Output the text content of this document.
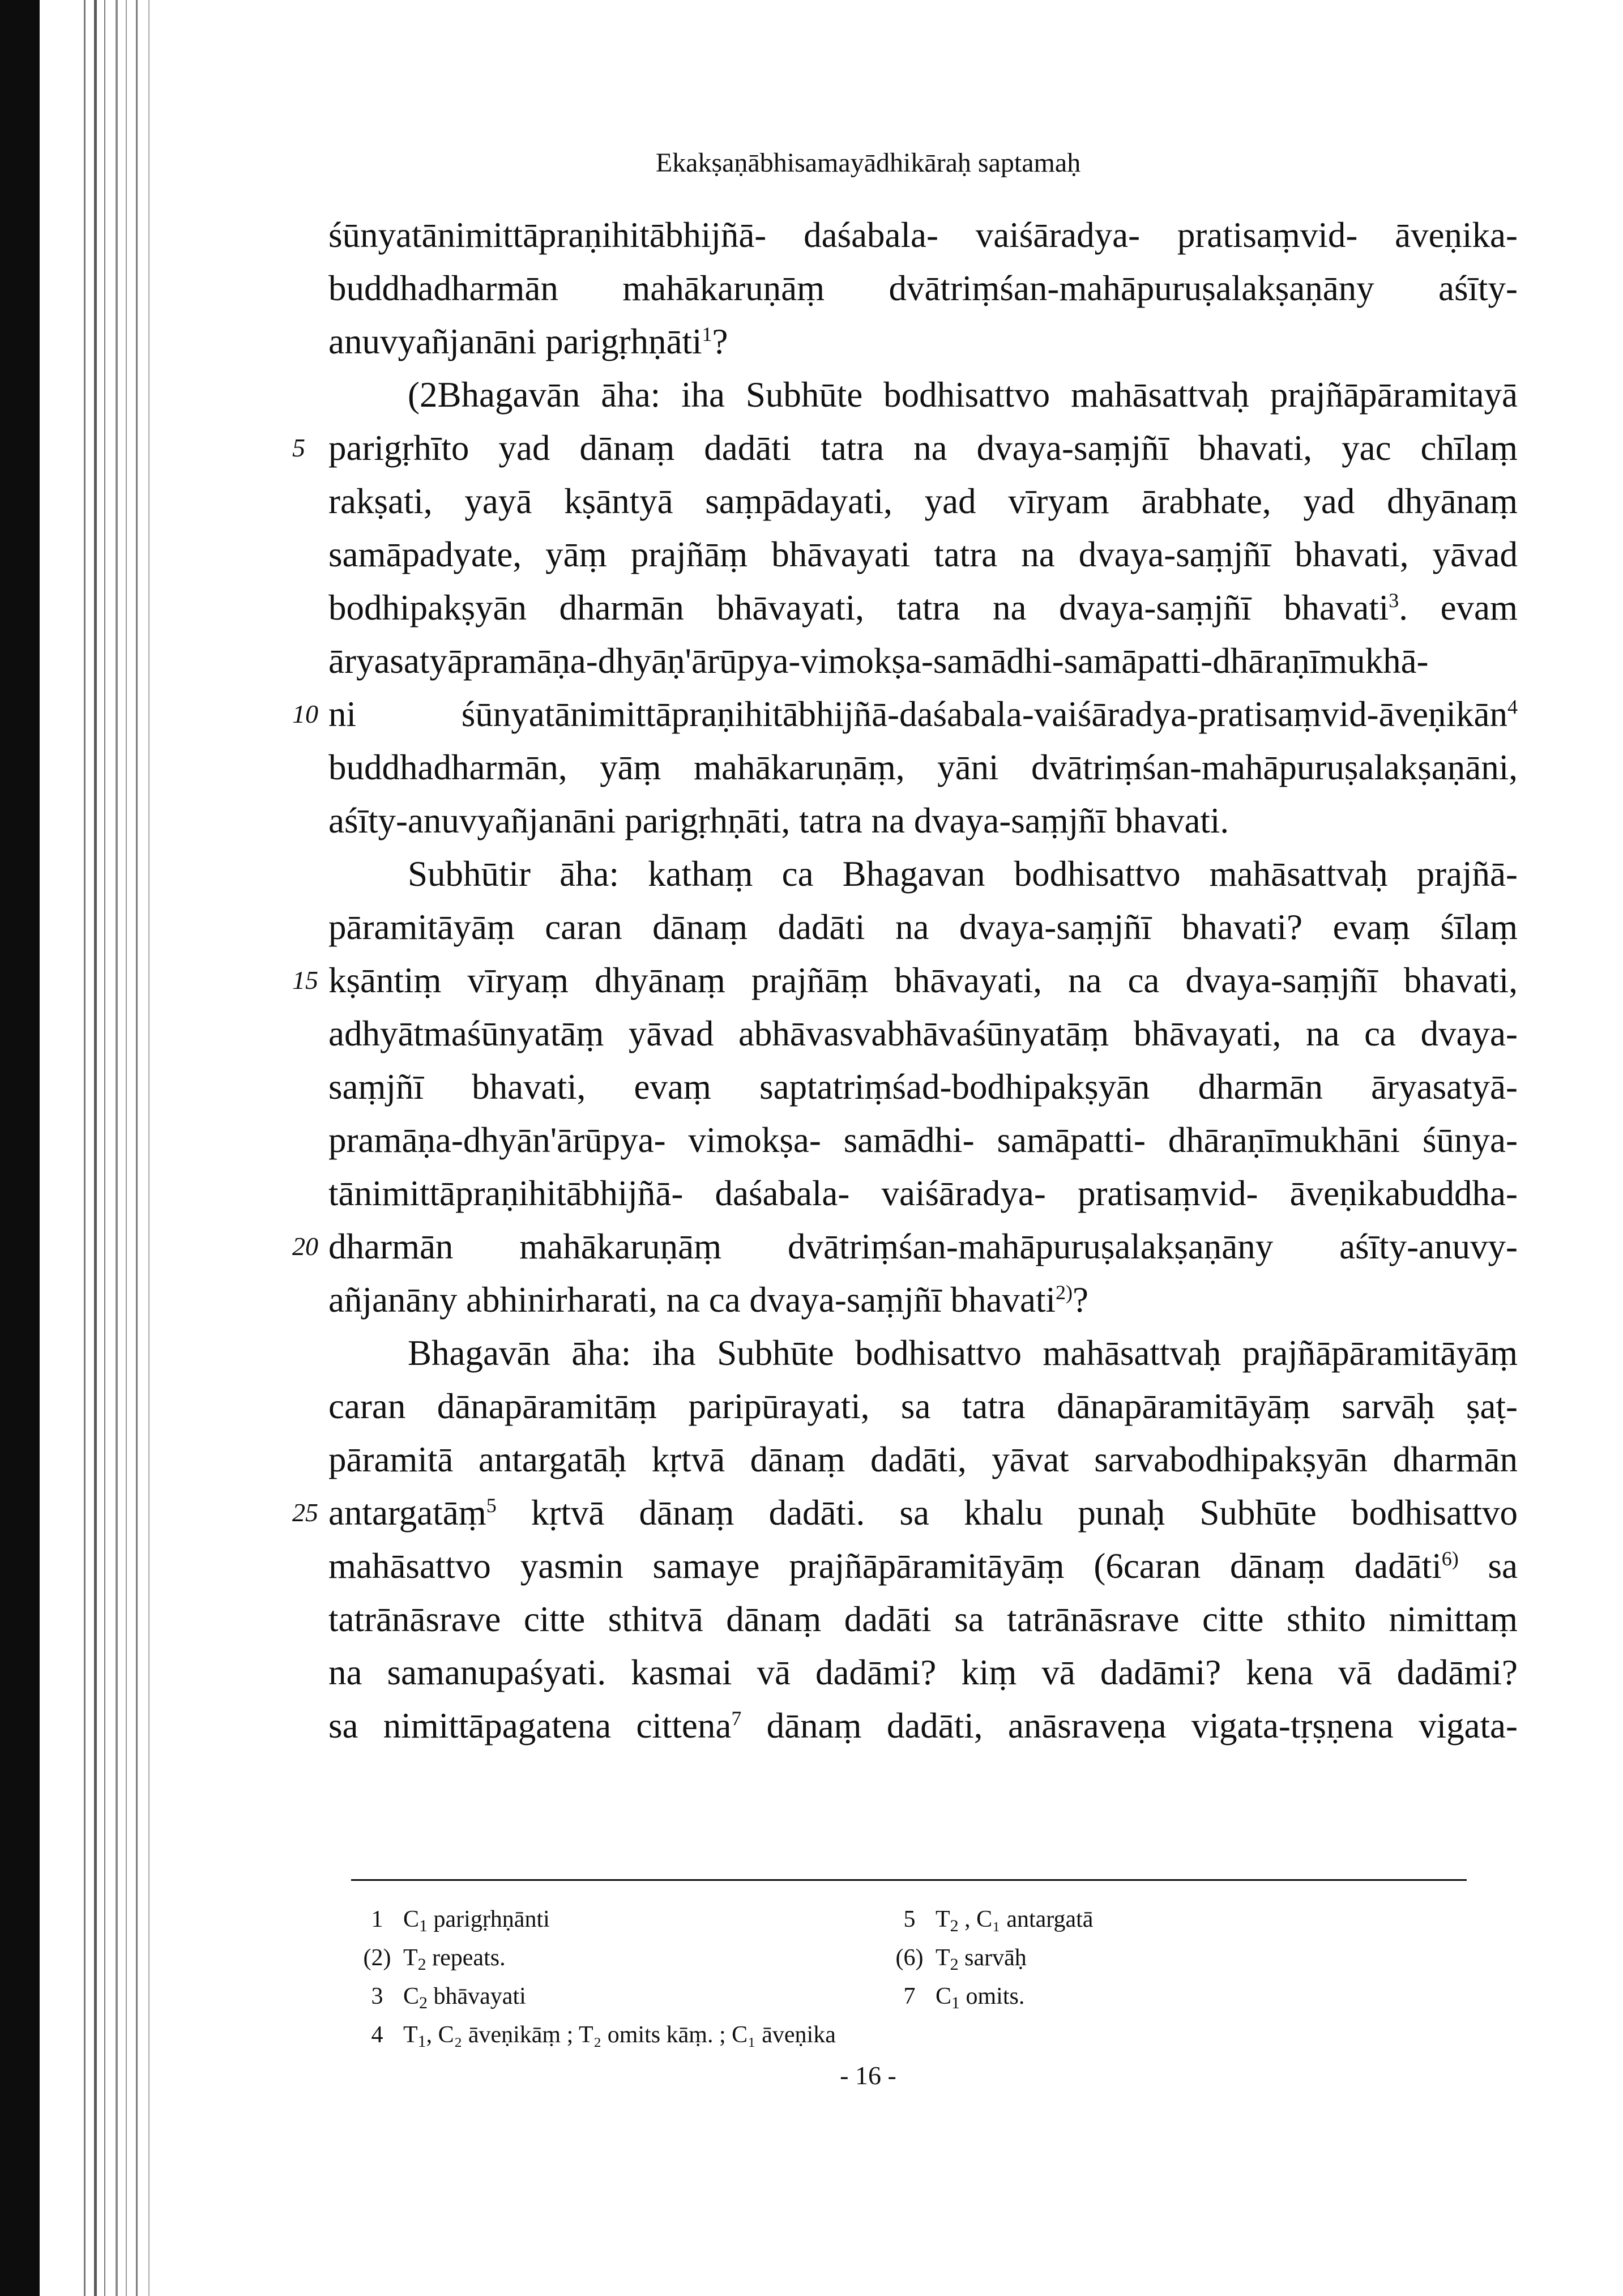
Ekakṣaṇābhisamayādhikāraḥ saptamaḥ
śūnyatānimittāpraṇihitābhijñā- daśabala- vaiśāradya- pratisaṃvid- āveṇika-
buddhadharmān mahākaruṇāṃ dvātriṃśan-mahāpuruṣalakṣaṇāny aśīty-
anuvyañjanāni parigṛhṇāti$^1$?
(2Bhagavān āha: iha Subhūte bodhisattvo mahāsattvaḥ prajñāpāramitayā
5 parigṛhīto yad dānaṃ dadāti tatra na dvaya-saṃjñī bhavati, yac chīlaṃ
rakṣati, yayā kṣāntyā saṃpādayati, yad vīryam ārabhate, yad dhyānaṃ
samāpadyate, yāṃ prajñāṃ bhāvayati tatra na dvaya-saṃjñī bhavati, yāvad
bodhipakṣyān dharmān bhāvayati, tatra na dvaya-saṃjñī bhavati$^3$. evam
āryasatyāpramāṇa-dhyāṇ'ārūpya-vimokṣa-samādhi-samāpatti-dhāraṇīmukhā-
10 ni śūnyatānimittāpraṇihitābhijñā-daśabala-vaiśāradya-pratisaṃvid-āveṇikān$^4$
buddhadharmān, yāṃ mahākaruṇāṃ, yāni dvātriṃśan-mahāpuruṣalakṣaṇāni,
aśīty-anuvyañjanāni parigṛhṇāti, tatra na dvaya-saṃjñī bhavati.
Subhūtir āha: kathaṃ ca Bhagavan bodhisattvo mahāsattvaḥ prajñā-
pāramitāyāṃ caran dānaṃ dadāti na dvaya-saṃjñī bhavati? evaṃ śīlaṃ
15 kṣāntiṃ vīryaṃ dhyānaṃ prajñāṃ bhāvayati, na ca dvaya-saṃjñī bhavati,
adhyātmaśūnyatāṃ yāvad abhāvasvabhāvaśūnyatāṃ bhāvayati, na ca dvaya-
saṃjñī bhavati, evaṃ saptatriṃśad-bodhipakṣyān dharmān āryasatyā-
pramāṇa-dhyān'ārūpya- vimokṣa- samādhi- samāpatti- dhāraṇīmukhāni śūnya-
tānimittāpraṇihitābhijñā- daśabala- vaiśāradya- pratisaṃvid- āveṇikabuddha-
20 dharmān mahākaruṇāṃ dvātriṃśan-mahāpuruṣalakṣaṇāny aśīty-anuvy-
añjanāny abhinirharati, na ca dvaya-saṃjñī bhavati$^{2)}$?
Bhagavān āha: iha Subhūte bodhisattvo mahāsattvaḥ prajñāpāramitāyāṃ
caran dānapāramitāṃ paripūrayati, sa tatra dānapāramitāyāṃ sarvāḥ ṣaṭ-
pāramitā antargatāḥ kṛtvā dānaṃ dadāti, yāvat sarvabodhipakṣyān dharmān
25 antargatāṃ$^5$ kṛtvā dānaṃ dadāti. sa khalu punaḥ Subhūte bodhisattvo
mahāsattvo yasmin samaye prajñāpāramitāyāṃ (6caran dānaṃ dadāti$^{6)}$ sa
tatrānāsrave citte sthitvā dānaṃ dadāti sa tatrānāsrave citte sthito nimittaṃ
na samanupaśyati. kasmai vā dadāmi? kiṃ vā dadāmi? kena vā dadāmi?
sa nimittāpagatena cittena$^7$ dānaṃ dadāti, anāsraveṇa vigata-tṛṣṇena vigata-
1 $C_1$ parigṛhṇānti
(2) $T_2$ repeats.
3 $C_2$ bhāvayati
4 $T_1$, C₂ āveṇikāṃ ; T₂ omits kāṃ. ; C₁ āveṇika
5 $T_2$ , C₁ antargatā
(6) $T_2$ sarvāḥ
7 $C_1$ omits.
- 16 -
